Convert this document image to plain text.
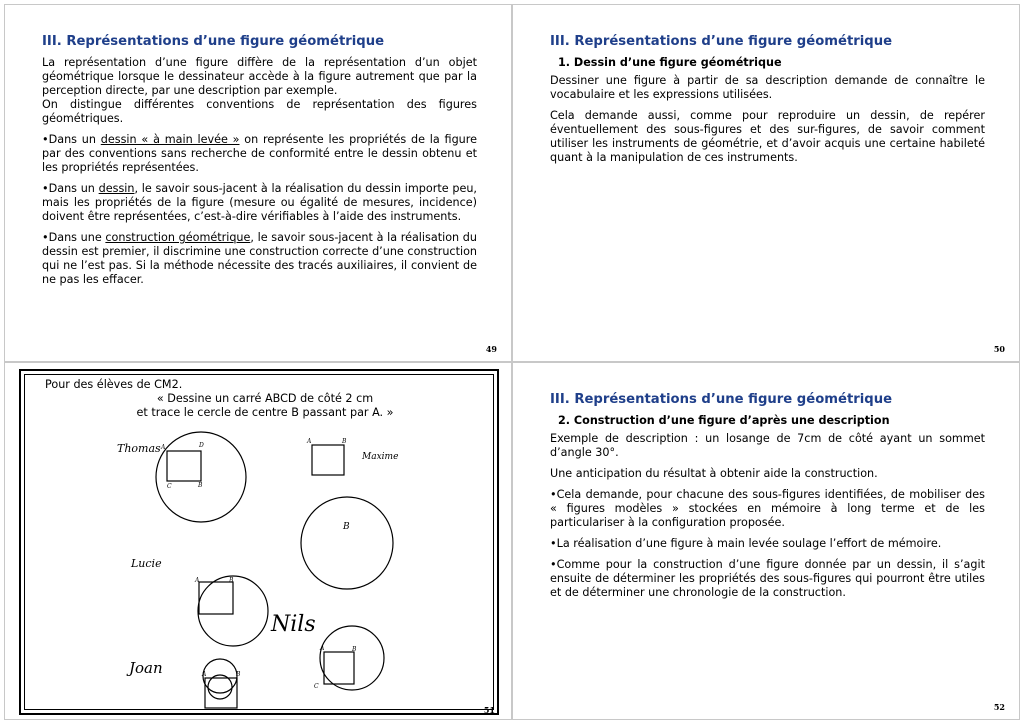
III. Représentations d’une figure géométrique

La représentation d’une figure diffère de la représentation d’un objet géométrique lorsque le dessinateur accède à la figure autrement que par la perception directe, par une description par exemple.

On distingue différentes conventions de représentation des figures géométriques.

•Dans un dessin « à main levée » on représente les propriétés de la figure par des conventions sans recherche de conformité entre le dessin obtenu et les propriétés représentées.

•Dans un dessin, le savoir sous-jacent à la réalisation du dessin importe peu, mais les propriétés de la figure (mesure ou égalité de mesures, incidence) doivent être représentées, c’est-à-dire vérifiables à l’aide des instruments.

•Dans une construction géométrique, le savoir sous-jacent à la réalisation du dessin est premier, il discrimine une construction correcte d’une construction qui ne l’est pas. Si la méthode nécessite des tracés auxiliaires, il convient de ne pas les effacer.

49
III. Représentations d’une figure géométrique
1. Dessin d’une figure géométrique

Dessiner une figure à partir de sa description demande de connaître le vocabulaire et les expressions utilisées.

Cela demande aussi, comme pour reproduire un dessin, de repérer éventuellement des sous-figures et des sur-figures, de savoir comment utiliser les instruments de géométrie, et d’avoir acquis une certaine habileté quant à la manipulation de ces instruments.

50
Pour des élèves de CM2.
« Dessine un carré ABCD de côté 2 cm
et trace le cercle de centre B passant par A. »
A	D
C	B
A	B
B
A	B
A	B
C
A	B
Thomas
Maxime
Lucie
Nils
Joan
51
III. Représentations d’une figure géométrique
2. Construction d’une figure d’après une description

Exemple de description : un losange de 7cm de côté ayant un sommet d’angle 30°.

Une anticipation du résultat à obtenir aide la construction.

•Cela demande, pour chacune des sous-figures identifiées, de mobiliser des « figures modèles » stockées en mémoire à long terme et de les particulariser à la configuration proposée.

•La réalisation d’une figure à main levée soulage l’effort de mémoire.

•Comme pour la construction d’une figure donnée par un dessin, il s’agit ensuite de déterminer les propriétés des sous-figures qui pourront être utiles et de déterminer une chronologie de la construction.

52
